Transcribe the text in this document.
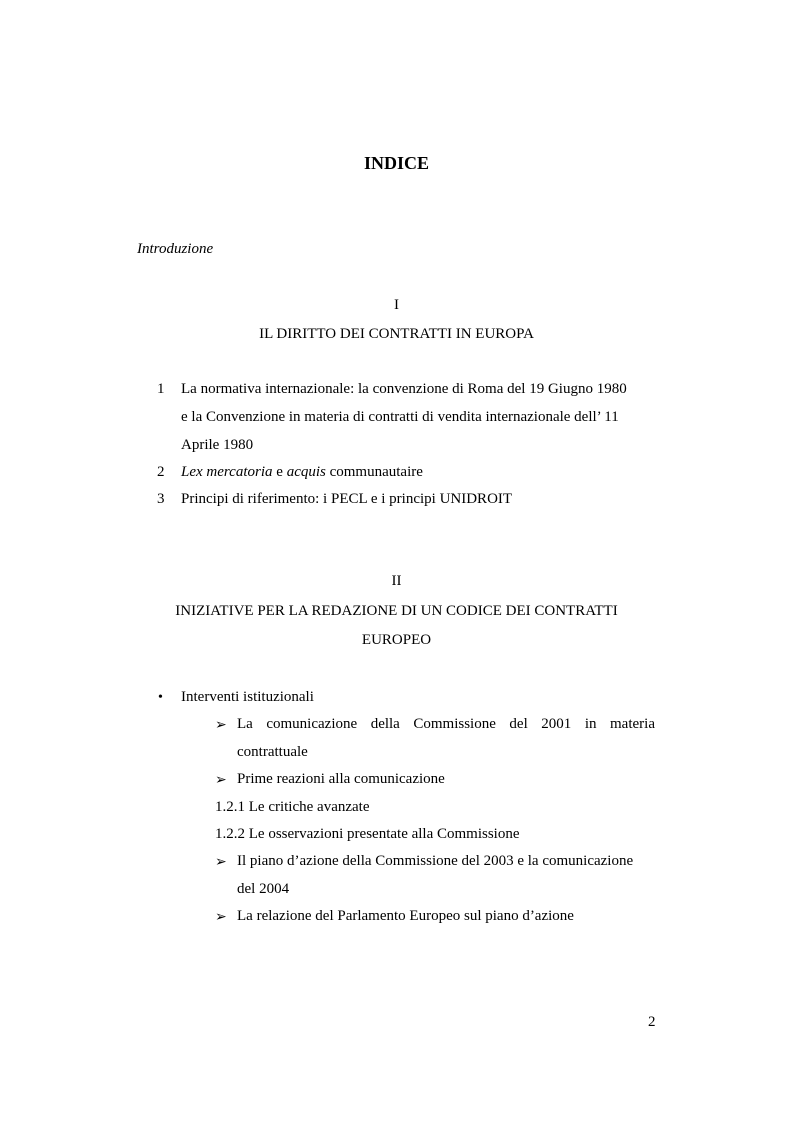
INDICE
Introduzione
I
IL DIRITTO DEI CONTRATTI IN EUROPA
1 La normativa internazionale: la convenzione di Roma del 19 Giugno 1980
e la Convenzione in materia di contratti di vendita internazionale dell’ 11
Aprile 1980
2 Lex mercatoria e acquis communautaire
3 Principi di riferimento: i PECL e i principi UNIDROIT
II
INIZIATIVE PER LA REDAZIONE DI UN CODICE DEI CONTRATTI
EUROPEO
• Interventi istituzionali
➢ La comunicazione della Commissione del 2001 in materia
contrattuale
➢ Prime reazioni alla comunicazione
1.2.1 Le critiche avanzate
1.2.2 Le osservazioni presentate alla Commissione
➢ Il piano d’azione della Commissione del 2003 e la comunicazione
del 2004
➢ La relazione del Parlamento Europeo sul piano d’azione
2
